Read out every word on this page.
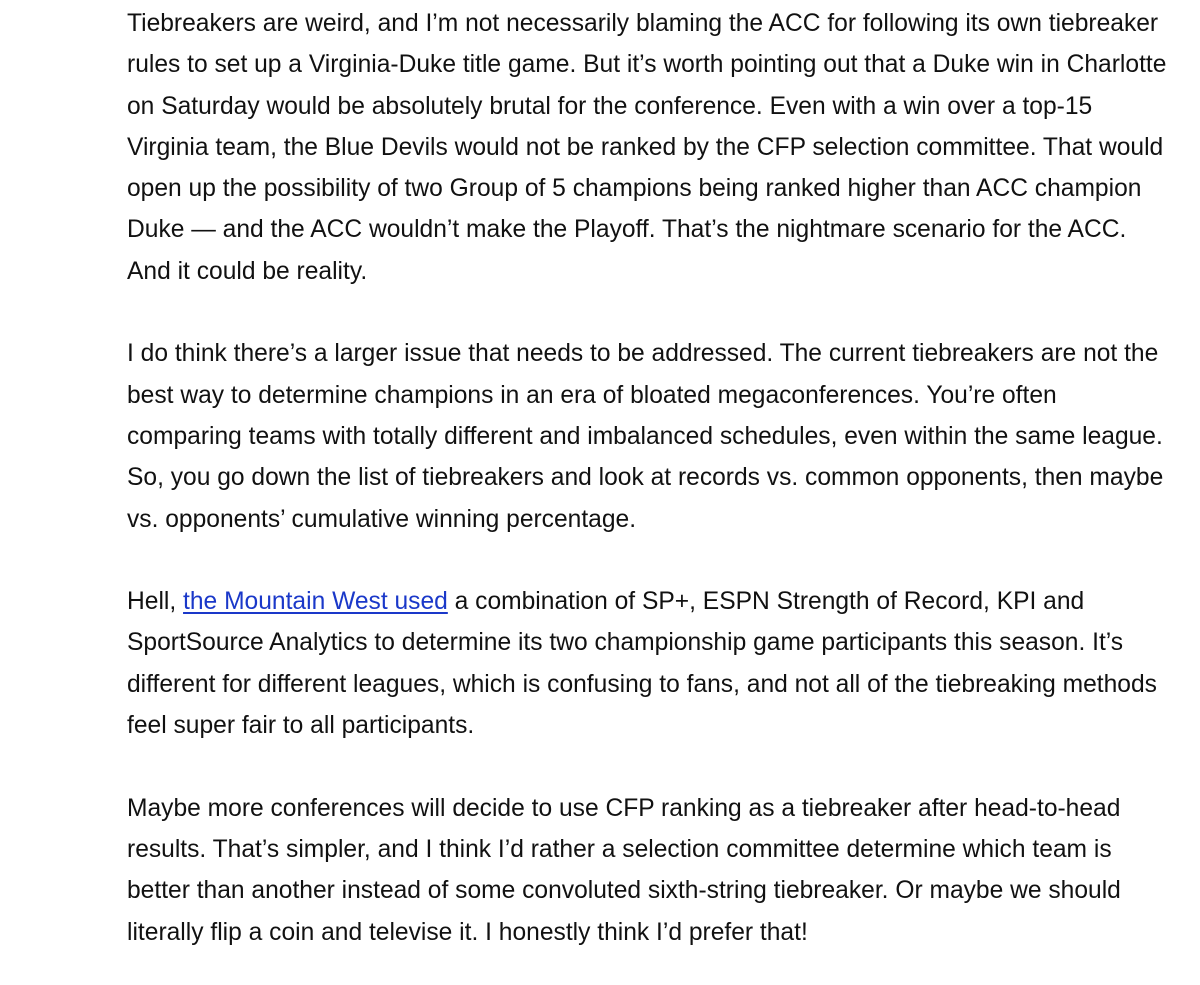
Tiebreakers are weird, and I’m not necessarily blaming the ACC for following its own tiebreaker rules to set up a Virginia-Duke title game. But it’s worth pointing out that a Duke win in Charlotte on Saturday would be absolutely brutal for the conference. Even with a win over a top-15 Virginia team, the Blue Devils would not be ranked by the CFP selection committee. That would open up the possibility of two Group of 5 champions being ranked higher than ACC champion Duke — and the ACC wouldn’t make the Playoff. That’s the nightmare scenario for the ACC. And it could be reality.

I do think there’s a larger issue that needs to be addressed. The current tiebreakers are not the best way to determine champions in an era of bloated megaconferences. You’re often comparing teams with totally different and imbalanced schedules, even within the same league. So, you go down the list of tiebreakers and look at records vs. common opponents, then maybe vs. opponents’ cumulative winning percentage.

Hell, the Mountain West used a combination of SP+, ESPN Strength of Record, KPI and SportSource Analytics to determine its two championship game participants this season. It’s different for different leagues, which is confusing to fans, and not all of the tiebreaking methods feel super fair to all participants.

Maybe more conferences will decide to use CFP ranking as a tiebreaker after head-to-head results. That’s simpler, and I think I’d rather a selection committee determine which team is better than another instead of some convoluted sixth-string tiebreaker. Or maybe we should literally flip a coin and televise it. I honestly think I’d prefer that!
